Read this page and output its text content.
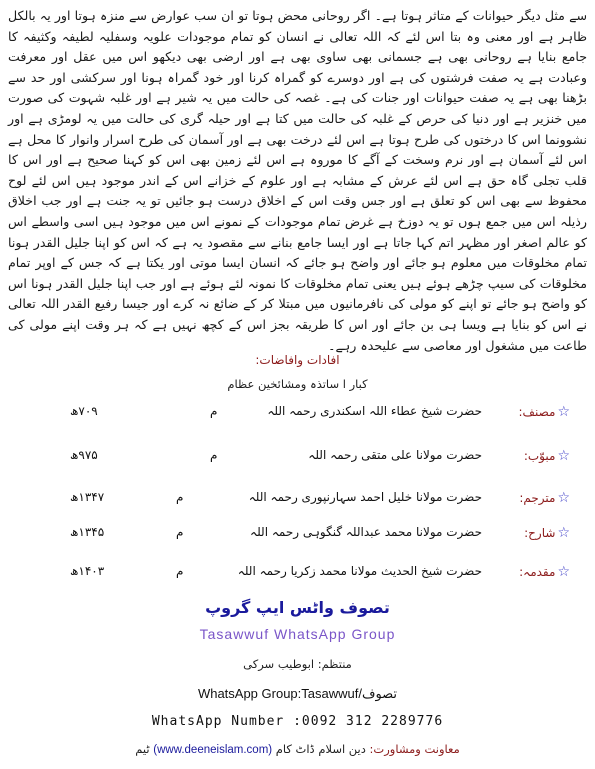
سے مثل دیگر حیوانات کے متاثر ہوتا ہے۔ اگر روحانی محض ہوتا تو ان سب عوارض سے منزہ ہوتا اور یہ بالکل ظاہر ہے اور معنی وہ بتا اس لئے کہ اللہ تعالی نے انسان کو تمام موجودات علویہ وسفلیہ لطیفہ وکثیفہ کا جامع بنایا ہے روحانی بھی ہے جسمانی بھی ساوی بھی ہے اور ارضی بھی دیکھو اس میں عقل اور معرفت وعبادت ہے یہ صفت فرشتوں کی ہے اور دوسرے کو گمراہ کرنا اور خود گمراہ ہونا اور سرکشی اور حد سے بڑھنا بھی ہے یہ صفت حیوانات اور جنات کی ہے۔ غصہ کی حالت میں یہ شیر ہے اور غلبہ شہوت کی صورت میں خنزیر ہے اور دنیا کی حرص کے غلبہ کی حالت میں کتا ہے اور حیلہ گری کی حالت میں یہ لومڑی ہے اور نشوونما اس کا درختوں کی طرح ہوتا ہے اس لئے درخت بھی ہے اور آسمان کی طرح اسرار وانوار کا محل ہے اس لئے آسمان ہے اور نرم وسخت کے آگے کا موروہ ہے اس لئے زمین بھی اس کو کہنا صحیح ہے اور اس کا قلب تجلی گاہ حق ہے اس لئے عرش کے مشابہ ہے اور علوم کے خزانے اس کے اندر موجود ہیں اس لئے لوح محفوظ سے بھی اس کو تعلق ہے اور جس وقت اس کے اخلاق درست ہو جائیں تو یہ جنت ہے اور جب اخلاق رذیلہ اس میں جمع ہوں تو یہ دوزخ ہے غرض تمام موجودات کے نمونے اس میں موجود ہیں اسی واسطے اس کو عالم اصغر اور مظہر اتم کہا جاتا ہے اور ایسا جامع بنانے سے مقصود یہ ہے کہ اس کو اپنا جلیل القدر ہونا تمام مخلوقات میں معلوم ہو جائے اور واضح ہو جائے کہ انسان ایسا موتی اور یکتا ہے کہ جس کے اوپر تمام مخلوقات کی سیپ چڑھے ہوئے ہیں یعنی تمام مخلوقات کا نمونہ لئے ہوئے ہے اور جب اپنا جلیل القدر ہونا اس کو واضح ہو جائے تو اپنے کو مولی کی نافرمانیوں میں مبتلا کر کے ضائع نہ کرے اور جیسا رفیع القدر اللہ تعالی نے اس کو بنایا ہے ویسا ہی بن جائے اور اس کا طریقہ بجز اس کے کچھ نہیں ہے کہ ہر وقت اپنے مولی کی طاعت میں مشغول اور معاصی سے علیحدہ رہے۔
افادات وافاضات:
کبار ا ساتذہ ومشائخین عظام
☆مصنف:
حضرت شیخ عطاء اللہ اسکندری رحمہ اللہ
م
۷۰۹ھ
☆مبوّب:
حضرت مولانا علی متقی رحمہ اللہ
م
۹۷۵ھ
☆مترجم:
حضرت مولانا خلیل احمد سہارنپوری رحمہ اللہ
م
۱۳۴۷ھ
☆شارح:
حضرت مولانا محمد عبداللہ گنگوہی رحمہ اللہ
م
۱۳۴۵ھ
☆مقدمہ:
حضرت شیخ الحدیث مولانا محمد زکریا رحمہ اللہ
م
۱۴۰۳ھ
تصوف واٹس ایپ گروپ
Tasawwuf WhatsApp Group
منتظم: ابوطیب سرکی
WhatsApp Group:Tasawwuf/تصوف
WhatsApp Number :0092 312 2289776
معاونت ومشاورت: دین اسلام ڈاٹ کام (www.deeneislam.com) ٹیم
